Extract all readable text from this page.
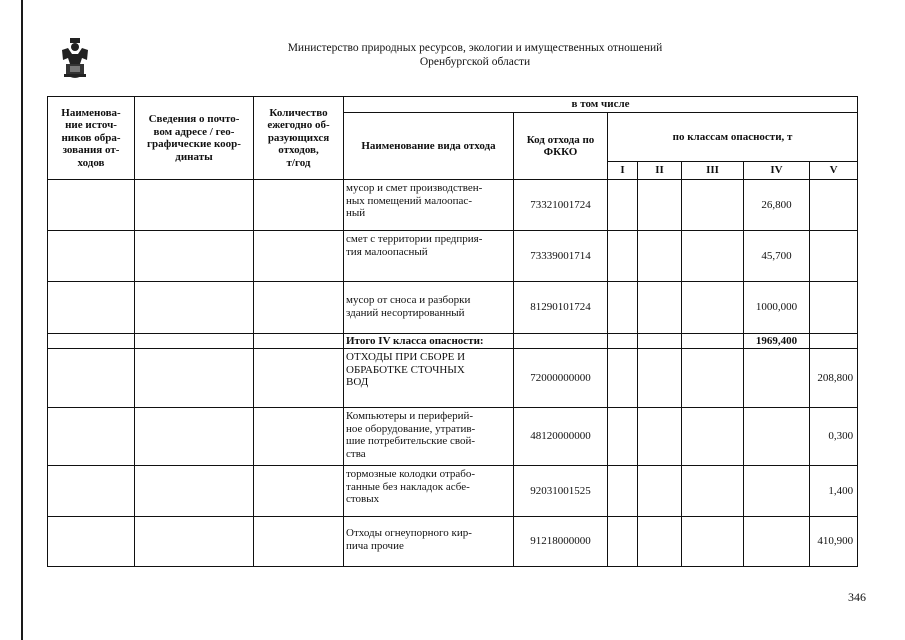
Министерство природных ресурсов, экологии и имущественных отношений
Оренбургской области
Наименова-
ние источ-
ников обра-
зования от-
ходов	Сведения о почто-
вом адресе / гео-
графические коор-
динаты	Количество
ежегодно об-
разующихся
отходов,
т/год	в том числе						
			Наименование вида отхода	Код отхода по
ФККО	по классам опасности, т				
					I	II	III	IV	V
			мусор и смет производствен-
ных помещений малоопас-
ный	73321001724				26,800	
			смет с территории предприя-
тия малоопасный	73339001714				45,700	
			мусор от сноса и разборки
зданий несортированный	81290101724				1000,000	
			Итого IV класса опасности:					1969,400	
			ОТХОДЫ ПРИ СБОРЕ И
ОБРАБОТКЕ СТОЧНЫХ
ВОД	72000000000					208,800
			Компьютеры и периферий-
ное оборудование, утратив-
шие потребительские свой-
ства	48120000000					0,300
			тормозные колодки отрабо-
танные без накладок асбе-
стовых	92031001525					1,400
			Отходы огнеупорного кир-
пича прочие	91218000000					410,900
346
